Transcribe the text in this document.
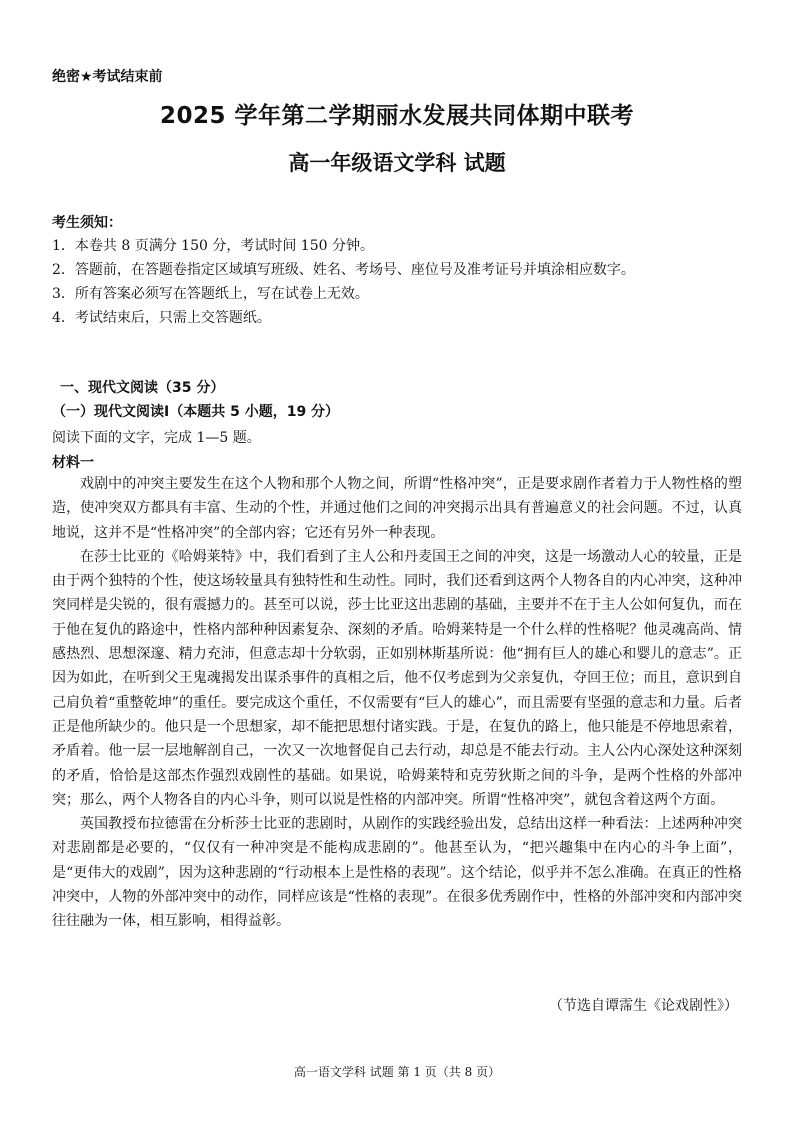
绝密★考试结束前
2025 学年第二学期丽水发展共同体期中联考
高一年级语文学科 试题
考生须知：
1．本卷共 8 页满分 150 分，考试时间 150 分钟。
2．答题前，在答题卷指定区域填写班级、姓名、考场号、座位号及准考证号并填涂相应数字。
3．所有答案必须写在答题纸上，写在试卷上无效。
4．考试结束后，只需上交答题纸。
一、现代文阅读（35 分）
（一）现代文阅读Ⅰ（本题共 5 小题，19 分）
阅读下面的文字，完成 1—5 题。
材料一

戏剧中的冲突主要发生在这个人物和那个人物之间，所谓“性格冲突”，正是要求剧作者着力于人物性格的塑造，使冲突双方都具有丰富、生动的个性，并通过他们之间的冲突揭示出具有普遍意义的社会问题。不过，认真地说，这并不是“性格冲突”的全部内容；它还有另外一种表现。

在莎士比亚的《哈姆莱特》中，我们看到了主人公和丹麦国王之间的冲突，这是一场激动人心的较量，正是由于两个独特的个性，使这场较量具有独特性和生动性。同时，我们还看到这两个人物各自的内心冲突，这种冲突同样是尖锐的，很有震撼力的。甚至可以说，莎士比亚这出悲剧的基础，主要并不在于主人公如何复仇，而在于他在复仇的路途中，性格内部种种因素复杂、深刻的矛盾。哈姆莱特是一个什么样的性格呢？他灵魂高尚、情感热烈、思想深邃、精力充沛，但意志却十分软弱，正如别林斯基所说：他“拥有巨人的雄心和婴儿的意志”。正因为如此，在听到父王鬼魂揭发出谋杀事件的真相之后，他不仅考虑到为父亲复仇，夺回王位；而且，意识到自己肩负着“重整乾坤”的重任。要完成这个重任，不仅需要有“巨人的雄心”，而且需要有坚强的意志和力量。后者正是他所缺少的。他只是一个思想家，却不能把思想付诸实践。于是，在复仇的路上，他只能是不停地思索着，矛盾着。他一层一层地解剖自己，一次又一次地督促自己去行动，却总是不能去行动。主人公内心深处这种深刻的矛盾，恰恰是这部杰作强烈戏剧性的基础。如果说，哈姆莱特和克劳狄斯之间的斗争，是两个性格的外部冲突；那么，两个人物各自的内心斗争，则可以说是性格的内部冲突。所谓“性格冲突”，就包含着这两个方面。

英国教授布拉德雷在分析莎士比亚的悲剧时，从剧作的实践经验出发，总结出这样一种看法：上述两种冲突对悲剧都是必要的，“仅仅有一种冲突是不能构成悲剧的”。他甚至认为，“把兴趣集中在内心的斗争上面”，是“更伟大的戏剧”，因为这种悲剧的“行动根本上是性格的表现”。这个结论，似乎并不怎么准确。在真正的性格冲突中，人物的外部冲突中的动作，同样应该是“性格的表现”。在很多优秀剧作中，性格的外部冲突和内部冲突往往融为一体，相互影响，相得益彰。

（节选自谭霈生《论戏剧性》）
高一语文学科 试题 第 1 页（共 8 页）
